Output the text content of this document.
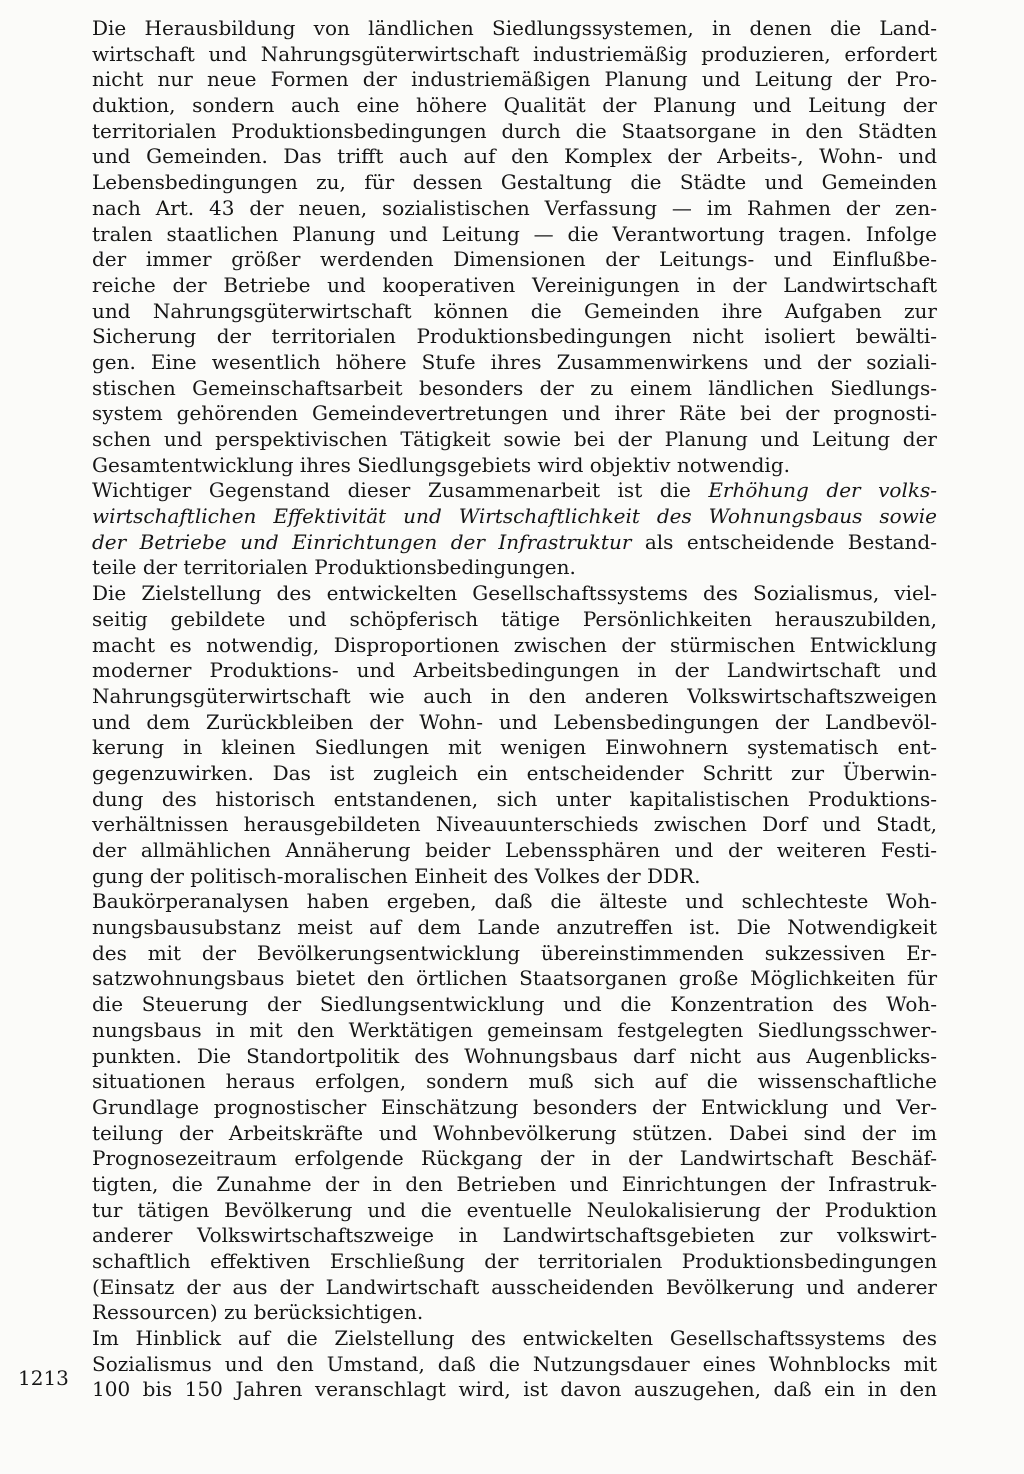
Die Herausbildung von ländlichen Siedlungssystemen, in denen die Land-
wirtschaft und Nahrungsgüterwirtschaft industriemäßig produzieren, erfordert
nicht nur neue Formen der industriemäßigen Planung und Leitung der Pro-
duktion, sondern auch eine höhere Qualität der Planung und Leitung der
territorialen Produktionsbedingungen durch die Staatsorgane in den Städten
und Gemeinden. Das trifft auch auf den Komplex der Arbeits-, Wohn- und
Lebensbedingungen zu, für dessen Gestaltung die Städte und Gemeinden
nach Art. 43 der neuen, sozialistischen Verfassung — im Rahmen der zen-
tralen staatlichen Planung und Leitung — die Verantwortung tragen. Infolge
der immer größer werdenden Dimensionen der Leitungs- und Einflußbe-
reiche der Betriebe und kooperativen Vereinigungen in der Landwirtschaft
und Nahrungsgüterwirtschaft können die Gemeinden ihre Aufgaben zur
Sicherung der territorialen Produktionsbedingungen nicht isoliert bewälti-
gen. Eine wesentlich höhere Stufe ihres Zusammenwirkens und der soziali-
stischen Gemeinschaftsarbeit besonders der zu einem ländlichen Siedlungs-
system gehörenden Gemeindevertretungen und ihrer Räte bei der prognosti-
schen und perspektivischen Tätigkeit sowie bei der Planung und Leitung der
Gesamtentwicklung ihres Siedlungsgebiets wird objektiv notwendig.
Wichtiger Gegenstand dieser Zusammenarbeit ist die Erhöhung der volks-
wirtschaftlichen Effektivität und Wirtschaftlichkeit des Wohnungsbaus sowie
der Betriebe und Einrichtungen der Infrastruktur als entscheidende Bestand-
teile der territorialen Produktionsbedingungen.
Die Zielstellung des entwickelten Gesellschaftssystems des Sozialismus, viel-
seitig gebildete und schöpferisch tätige Persönlichkeiten herauszubilden,
macht es notwendig, Disproportionen zwischen der stürmischen Entwicklung
moderner Produktions- und Arbeitsbedingungen in der Landwirtschaft und
Nahrungsgüterwirtschaft wie auch in den anderen Volkswirtschaftszweigen
und dem Zurückbleiben der Wohn- und Lebensbedingungen der Landbevöl-
kerung in kleinen Siedlungen mit wenigen Einwohnern systematisch ent-
gegenzuwirken. Das ist zugleich ein entscheidender Schritt zur Überwin-
dung des historisch entstandenen, sich unter kapitalistischen Produktions-
verhältnissen herausgebildeten Niveauunterschieds zwischen Dorf und Stadt,
der allmählichen Annäherung beider Lebenssphären und der weiteren Festi-
gung der politisch-moralischen Einheit des Volkes der DDR.
Baukörperanalysen haben ergeben, daß die älteste und schlechteste Woh-
nungsbausubstanz meist auf dem Lande anzutreffen ist. Die Notwendigkeit
des mit der Bevölkerungsentwicklung übereinstimmenden sukzessiven Er-
satzwohnungsbaus bietet den örtlichen Staatsorganen große Möglichkeiten für
die Steuerung der Siedlungsentwicklung und die Konzentration des Woh-
nungsbaus in mit den Werktätigen gemeinsam festgelegten Siedlungsschwer-
punkten. Die Standortpolitik des Wohnungsbaus darf nicht aus Augenblicks-
situationen heraus erfolgen, sondern muß sich auf die wissenschaftliche
Grundlage prognostischer Einschätzung besonders der Entwicklung und Ver-
teilung der Arbeitskräfte und Wohnbevölkerung stützen. Dabei sind der im
Prognosezeitraum erfolgende Rückgang der in der Landwirtschaft Beschäf-
tigten, die Zunahme der in den Betrieben und Einrichtungen der Infrastruk-
tur tätigen Bevölkerung und die eventuelle Neulokalisierung der Produktion
anderer Volkswirtschaftszweige in Landwirtschaftsgebieten zur volkswirt-
schaftlich effektiven Erschließung der territorialen Produktionsbedingungen
(Einsatz der aus der Landwirtschaft ausscheidenden Bevölkerung und anderer
Ressourcen) zu berücksichtigen.
Im Hinblick auf die Zielstellung des entwickelten Gesellschaftssystems des
Sozialismus und den Umstand, daß die Nutzungsdauer eines Wohnblocks mit
100 bis 150 Jahren veranschlagt wird, ist davon auszugehen, daß ein in den
1213
